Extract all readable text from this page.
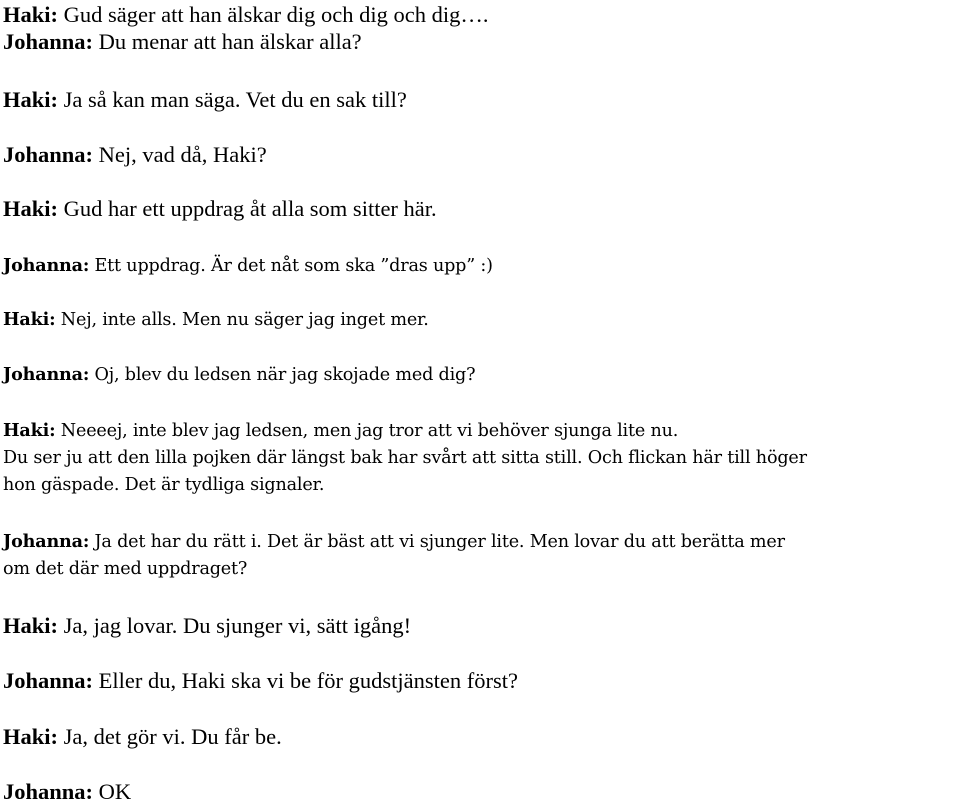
Haki: Gud säger att han älskar dig och dig och dig….

Johanna: Du menar att han älskar alla?

Haki: Ja så kan man säga. Vet du en sak till?

Johanna: Nej, vad då, Haki?

Haki: Gud har ett uppdrag åt alla som sitter här.

Johanna: Ett uppdrag. Är det nåt som ska ”dras upp” :)

Haki: Nej, inte alls. Men nu säger jag inget mer.

Johanna: Oj, blev du ledsen när jag skojade med dig?

Haki: Neeeej, inte blev jag ledsen, men jag tror att vi behöver sjunga lite nu.

Du ser ju att den lilla pojken där längst bak har svårt att sitta still. Och flickan här till höger

hon gäspade. Det är tydliga signaler.

Johanna: Ja det har du rätt i. Det är bäst att vi sjunger lite. Men lovar du att berätta mer

om det där med uppdraget?

Haki: Ja, jag lovar. Du sjunger vi, sätt igång!

Johanna: Eller du, Haki ska vi be för gudstjänsten först?

Haki: Ja, det gör vi. Du får be.

Johanna: OK
